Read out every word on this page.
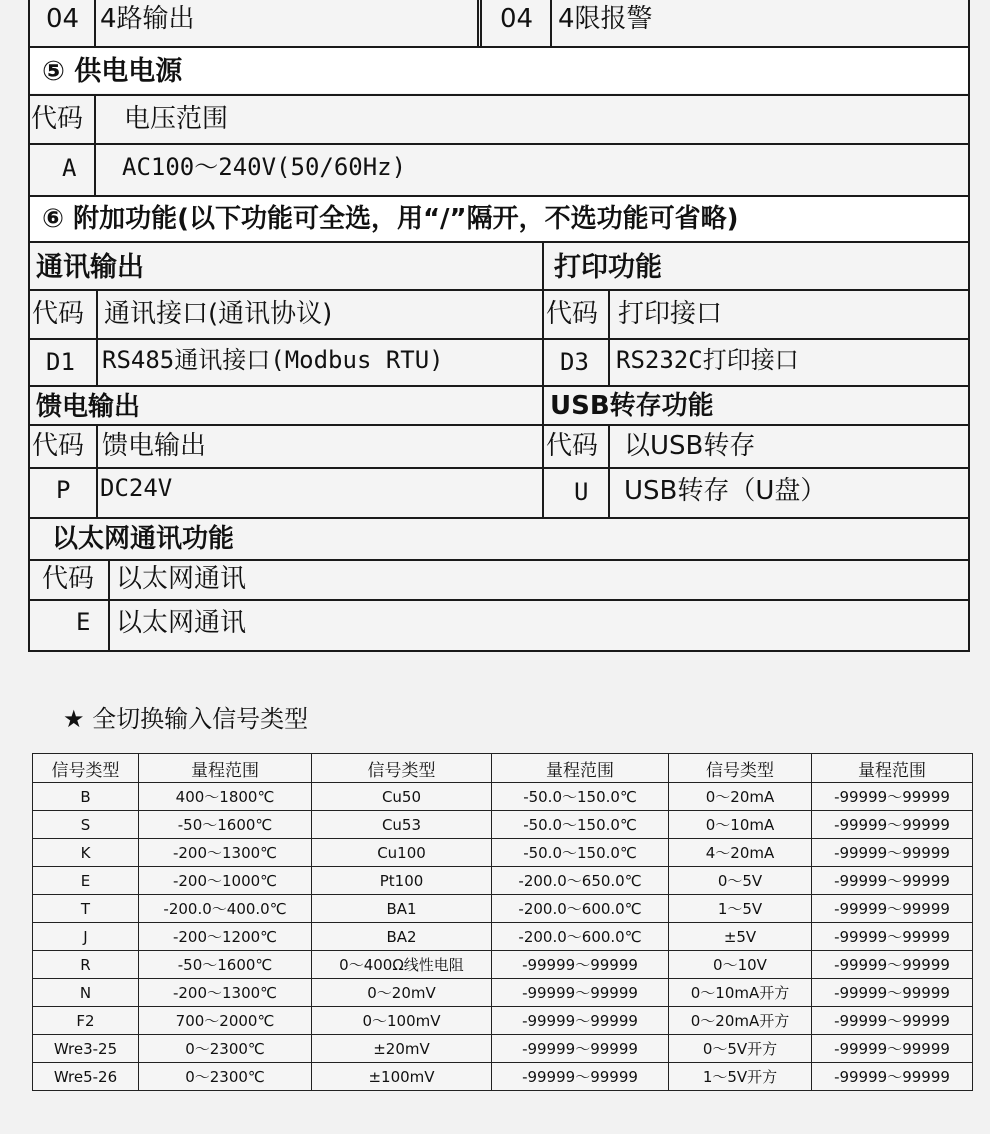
04 4路输出	04 4限报警
⑤ 供电电源
代码 电压范围
A AC100～240V(50/60Hz)
⑥ 附加功能(以下功能可全选，用“/”隔开，不选功能可省略)
通讯输出	打印功能
代码 通讯接口(通讯协议)	代码 打印接口
D1 RS485通讯接口(Modbus RTU)	D3 RS232C打印接口
馈电输出	USB转存功能
代码 馈电输出	代码 以USB转存
P DC24V	U USB转存（U盘）
以太网通讯功能
代码 以太网通讯
E 以太网通讯
★ 全切换输入信号类型
信号类型	量程范围	信号类型	量程范围	信号类型	量程范围
B	400～1800℃	Cu50	-50.0～150.0℃	0～20mA	-99999～99999
S	-50～1600℃	Cu53	-50.0～150.0℃	0～10mA	-99999～99999
K	-200～1300℃	Cu100	-50.0～150.0℃	4～20mA	-99999～99999
E	-200～1000℃	Pt100	-200.0～650.0℃	0～5V	-99999～99999
T	-200.0～400.0℃	BA1	-200.0～600.0℃	1～5V	-99999～99999
J	-200～1200℃	BA2	-200.0～600.0℃	±5V	-99999～99999
R	-50～1600℃	0～400Ω线性电阻	-99999～99999	0～10V	-99999～99999
N	-200～1300℃	0～20mV	-99999～99999	0～10mA开方	-99999～99999
F2	700～2000℃	0～100mV	-99999～99999	0～20mA开方	-99999～99999
Wre3-25	0～2300℃	±20mV	-99999～99999	0～5V开方	-99999～99999
Wre5-26	0～2300℃	±100mV	-99999～99999	1～5V开方	-99999～99999
